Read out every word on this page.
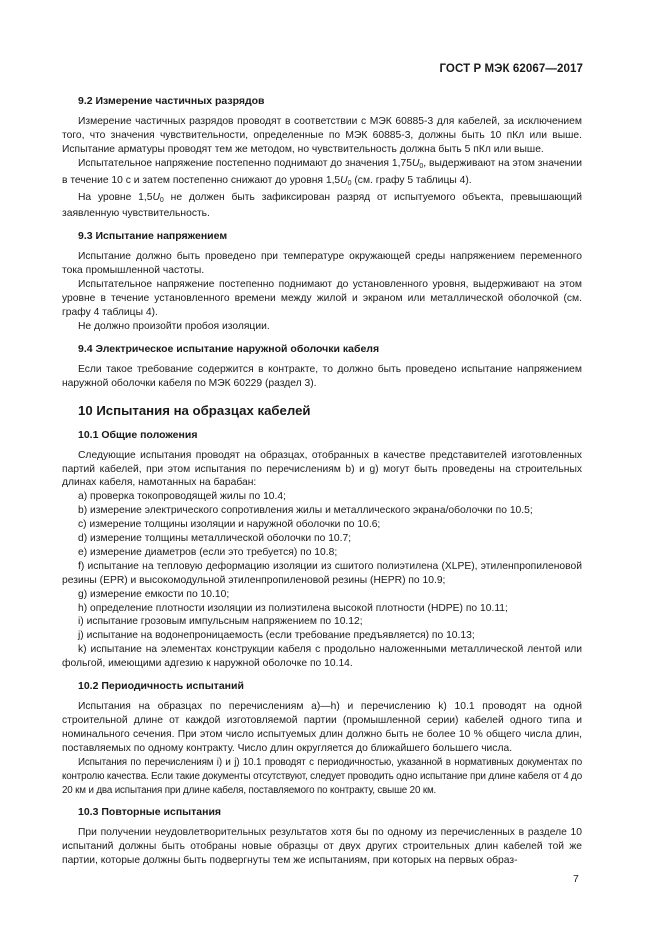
ГОСТ Р МЭК 62067—2017
9.2 Измерение частичных разрядов

Измерение частичных разрядов проводят в соответствии с МЭК 60885-3 для кабелей, за исключением того, что значения чувствительности, определенные по МЭК 60885-3, должны быть 10 пКл или выше. Испытание арматуры проводят тем же методом, но чувствительность должна быть 5 пКл или выше.

Испытательное напряжение постепенно поднимают до значения $1,75U_0$, выдерживают на этом значении в течение 10 с и затем постепенно снижают до уровня $1,5U_0$ (см. графу 5 таблицы 4).

На уровне $1,5U_0$ не должен быть зафиксирован разряд от испытуемого объекта, превышающий заявленную чувствительность.

9.3 Испытание напряжением

Испытание должно быть проведено при температуре окружающей среды напряжением переменного тока промышленной частоты.

Испытательное напряжение постепенно поднимают до установленного уровня, выдерживают на этом уровне в течение установленного времени между жилой и экраном или металлической оболочкой (см. графу 4 таблицы 4).

Не должно произойти пробоя изоляции.

9.4 Электрическое испытание наружной оболочки кабеля

Если такое требование содержится в контракте, то должно быть проведено испытание напряжением наружной оболочки кабеля по МЭК 60229 (раздел 3).

10 Испытания на образцах кабелей
10.1 Общие положения

Следующие испытания проводят на образцах, отобранных в качестве представителей изготовленных партий кабелей, при этом испытания по перечислениям b) и g) могут быть проведены на строительных длинах кабеля, намотанных на барабан:

a) проверка токопроводящей жилы по 10.4;

b) измерение электрического сопротивления жилы и металлического экрана/оболочки по 10.5;

c) измерение толщины изоляции и наружной оболочки по 10.6;

d) измерение толщины металлической оболочки по 10.7;

e) измерение диаметров (если это требуется) по 10.8;

f) испытание на тепловую деформацию изоляции из сшитого полиэтилена (XLPE), этиленпропиленовой резины (EPR) и высокомодульной этиленпропиленовой резины (HEPR) по 10.9;

g) измерение емкости по 10.10;

h) определение плотности изоляции из полиэтилена высокой плотности (HDPE) по 10.11;

i) испытание грозовым импульсным напряжением по 10.12;

j) испытание на водонепроницаемость (если требование предъявляется) по 10.13;

k) испытание на элементах конструкции кабеля с продольно наложенными металлической лентой или фольгой, имеющими адгезию к наружной оболочке по 10.14.

10.2 Периодичность испытаний

Испытания на образцах по перечислениям a)—h) и перечислению k) 10.1 проводят на одной строительной длине от каждой изготовляемой партии (промышленной серии) кабелей одного типа и номинального сечения. При этом число испытуемых длин должно быть не более 10 % общего числа длин, поставляемых по одному контракту. Число длин округляется до ближайшего большего числа.

Испытания по перечислениям i) и j) 10.1 проводят с периодичностью, указанной в нормативных документах по контролю качества. Если такие документы отсутствуют, следует проводить одно испытание при длине кабеля от 4 до 20 км и два испытания при длине кабеля, поставляемого по контракту, свыше 20 км.

10.3 Повторные испытания

При получении неудовлетворительных результатов хотя бы по одному из перечисленных в разделе 10 испытаний должны быть отобраны новые образцы от двух других строительных длин кабелей той же партии, которые должны быть подвергнуты тем же испытаниям, при которых на первых образ-

7
